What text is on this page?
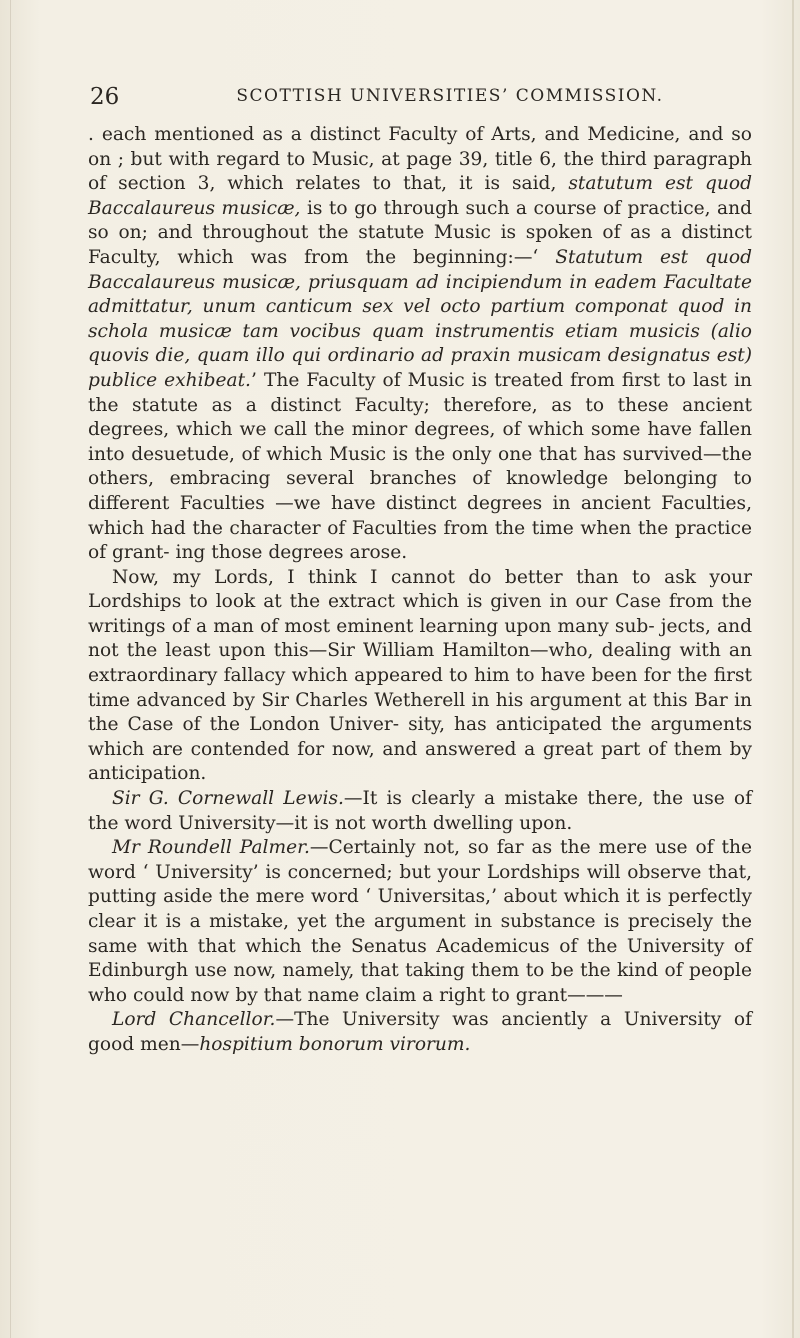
26	SCOTTISH UNIVERSITIES’ COMMISSION.

. each mentioned as a distinct Faculty of Arts, and Medicine, and so on ; but with regard to Music, at page 39, title 6, the third paragraph of section 3, which relates to that, it is said, statutum est quod Baccalaureus musicæ, is to go through such a course of practice, and so on; and throughout the statute Music is spoken of as a distinct Faculty, which was from the beginning:—‘ Statutum est quod Baccalaureus musicæ, priusquam ad incipiendum in eadem Facultate admittatur, unum canticum sex vel octo partium componat quod in schola musicæ tam vocibus quam instrumentis etiam musicis (alio quovis die, quam illo qui ordinario ad praxin musicam designatus est) publice exhibeat.’ The Faculty of Music is treated from first to last in the statute as a distinct Faculty; therefore, as to these ancient degrees, which we call the minor degrees, of which some have fallen into desuetude, of which Music is the only one that has survived—the others, embracing several branches of knowledge belonging to different Faculties —we have distinct degrees in ancient Faculties, which had the character of Faculties from the time when the practice of grant- ing those degrees arose.

Now, my Lords, I think I cannot do better than to ask your Lordships to look at the extract which is given in our Case from the writings of a man of most eminent learning upon many sub- jects, and not the least upon this—Sir William Hamilton—who, dealing with an extraordinary fallacy which appeared to him to have been for the first time advanced by Sir Charles Wetherell in his argument at this Bar in the Case of the London Univer- sity, has anticipated the arguments which are contended for now, and answered a great part of them by anticipation.

Sir G. Cornewall Lewis.—It is clearly a mistake there, the use of the word University—it is not worth dwelling upon.

Mr Roundell Palmer.—Certainly not, so far as the mere use of the word ‘ University’ is concerned; but your Lordships will observe that, putting aside the mere word ‘ Universitas,’ about which it is perfectly clear it is a mistake, yet the argument in substance is precisely the same with that which the Senatus Academicus of the University of Edinburgh use now, namely, that taking them to be the kind of people who could now by that name claim a right to grant———

Lord Chancellor.—The University was anciently a University of good men—hospitium bonorum virorum.
